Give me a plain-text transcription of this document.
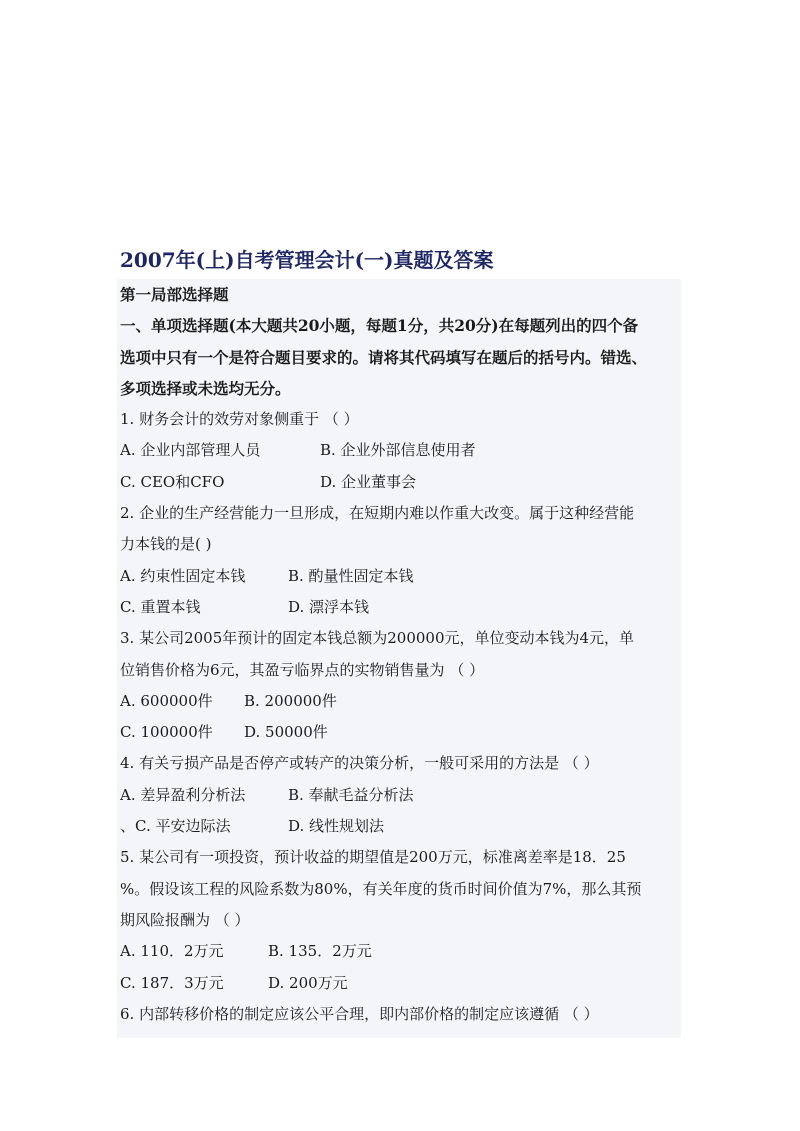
2007年(上)自考管理会计(一)真题及答案
第一局部选择题
一、单项选择题(本大题共20小题，每题1分，共20分)在每题列出的四个备
选项中只有一个是符合题目要求的。请将其代码填写在题后的括号内。错选、
多项选择或未选均无分。
1. 财务会计的效劳对象侧重于 （ ）
A. 企业内部管理人员	B. 企业外部信息使用者
C. CEO和CFO	D. 企业董事会
2. 企业的生产经营能力一旦形成，在短期内难以作重大改变。属于这种经营能
力本钱的是( )
A. 约束性固定本钱	B. 酌量性固定本钱
C. 重置本钱	D. 漂浮本钱
3. 某公司2005年预计的固定本钱总额为200000元，单位变动本钱为4元，单
位销售价格为6元，其盈亏临界点的实物销售量为 （ ）
A. 600000件 B. 200000件
C. 100000件 D. 50000件
4. 有关亏损产品是否停产或转产的决策分析，一般可采用的方法是 （ ）
A. 差异盈利分析法	B. 奉献毛益分析法
、C. 平安边际法	D. 线性规划法
5. 某公司有一项投资，预计收益的期望值是200万元，标准离差率是18．25
%。假设该工程的风险系数为80%，有关年度的货币时间价值为7%，那么其预
期风险报酬为 （ ）
A. 110．2万元	B. 135．2万元
C. 187．3万元	D. 200万元
6. 内部转移价格的制定应该公平合理，即内部价格的制定应该遵循 （ ）
